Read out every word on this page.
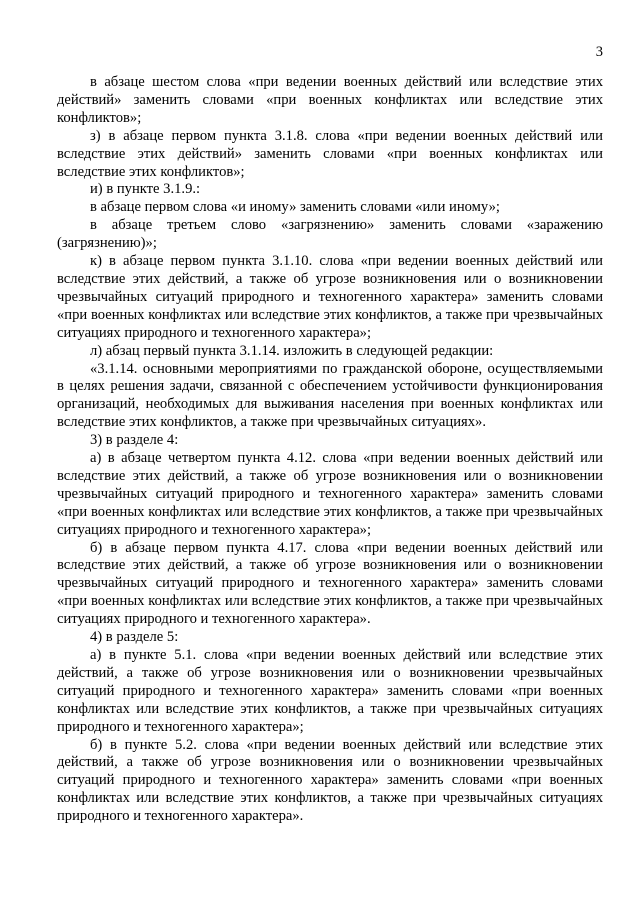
3

в абзаце шестом слова «при ведении военных действий или вследствие этих действий» заменить словами «при военных конфликтах или вследствие этих конфликтов»;

з) в абзаце первом пункта 3.1.8. слова «при ведении военных действий или вследствие этих действий» заменить словами «при военных конфликтах или вследствие этих конфликтов»;

и) в пункте 3.1.9.:

в абзаце первом слова «и иному» заменить словами «или иному»;

в абзаце третьем слово «загрязнению» заменить словами «заражению (загрязнению)»;

к) в абзаце первом пункта 3.1.10. слова «при ведении военных действий или вследствие этих действий, а также об угрозе возникновения или о возникновении чрезвычайных ситуаций природного и техногенного характера» заменить словами «при военных конфликтах или вследствие этих конфликтов, а также при чрезвычайных ситуациях природного и техногенного характера»;

л) абзац первый пункта 3.1.14. изложить в следующей редакции:

«3.1.14. основными мероприятиями по гражданской обороне, осуществляемыми в целях решения задачи, связанной с обеспечением устойчивости функционирования организаций, необходимых для выживания населения при военных конфликтах или вследствие этих конфликтов, а также при чрезвычайных ситуациях».

3) в разделе 4:

а) в абзаце четвертом пункта 4.12. слова «при ведении военных действий или вследствие этих действий, а также об угрозе возникновения или о возникновении чрезвычайных ситуаций природного и техногенного характера» заменить словами «при военных конфликтах или вследствие этих конфликтов, а также при чрезвычайных ситуациях природного и техногенного характера»;

б) в абзаце первом пункта 4.17. слова «при ведении военных действий или вследствие этих действий, а также об угрозе возникновения или о возникновении чрезвычайных ситуаций природного и техногенного характера» заменить словами «при военных конфликтах или вследствие этих конфликтов, а также при чрезвычайных ситуациях природного и техногенного характера».

4) в разделе 5:

а) в пункте 5.1. слова «при ведении военных действий или вследствие этих действий, а также об угрозе возникновения или о возникновении чрезвычайных ситуаций природного и техногенного характера» заменить словами «при военных конфликтах или вследствие этих конфликтов, а также при чрезвычайных ситуациях природного и техногенного характера»;

б) в пункте 5.2. слова «при ведении военных действий или вследствие этих действий, а также об угрозе возникновения или о возникновении чрезвычайных ситуаций природного и техногенного характера» заменить словами «при военных конфликтах или вследствие этих конфликтов, а также при чрезвычайных ситуациях природного и техногенного характера».
